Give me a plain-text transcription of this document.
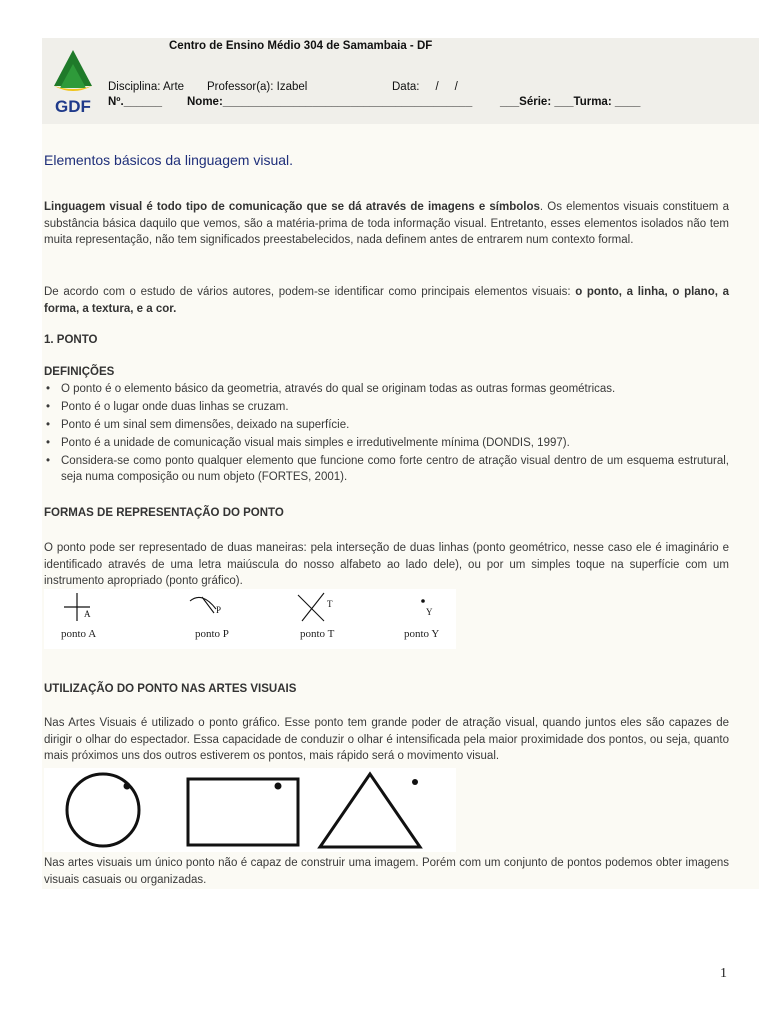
GDF
Centro de Ensino Médio 304 de Samambaia - DF
Disciplina: Arte Professor(a): Izabel	Data:     /     /
Nº.______ Nome:_______________________________________ ___Série: ___Turma: ____
Elementos básicos da linguagem visual.

Linguagem visual é todo tipo de comunicação que se dá através de imagens e símbolos. Os elementos visuais constituem a substância básica daquilo que vemos, são a matéria-prima de toda informação visual. Entretanto, esses elementos isolados não tem muita representação, não tem significados preestabelecidos, nada definem antes de entrarem num contexto formal.

De acordo com o estudo de vários autores, podem-se identificar como principais elementos visuais: o ponto, a linha, o plano, a forma, a textura, e a cor.

1. PONTO
DEFINIÇÕES
• O ponto é o elemento básico da geometria, através do qual se originam todas as outras formas geométricas.
• Ponto é o lugar onde duas linhas se cruzam.
• Ponto é um sinal sem dimensões, deixado na superfície.
• Ponto é a unidade de comunicação visual mais simples e irredutivelmente mínima (DONDIS, 1997).
• Considera-se como ponto qualquer elemento que funcione como forte centro de atração visual dentro de um esquema estrutural, seja numa composição ou num objeto (FORTES, 2001).
FORMAS DE REPRESENTAÇÃO DO PONTO

O ponto pode ser representado de duas maneiras: pela interseção de duas linhas (ponto geométrico, nesse caso ele é imaginário e identificado através de uma letra maiúscula do nosso alfabeto ao lado dele), ou por um simples toque na superfície com um instrumento apropriado (ponto gráfico).

A	P
T
Y
ponto A	ponto P	ponto T	ponto Y
UTILIZAÇÃO DO PONTO NAS ARTES VISUAIS

Nas Artes Visuais é utilizado o ponto gráfico. Esse ponto tem grande poder de atração visual, quando juntos eles são capazes de dirigir o olhar do espectador. Essa capacidade de conduzir o olhar é intensificada pela maior proximidade dos pontos, ou seja, quanto mais próximos uns dos outros estiverem os pontos, mais rápido será o movimento visual.

Nas artes visuais um único ponto não é capaz de construir uma imagem. Porém com um conjunto de pontos podemos obter imagens visuais casuais ou organizadas.

1
